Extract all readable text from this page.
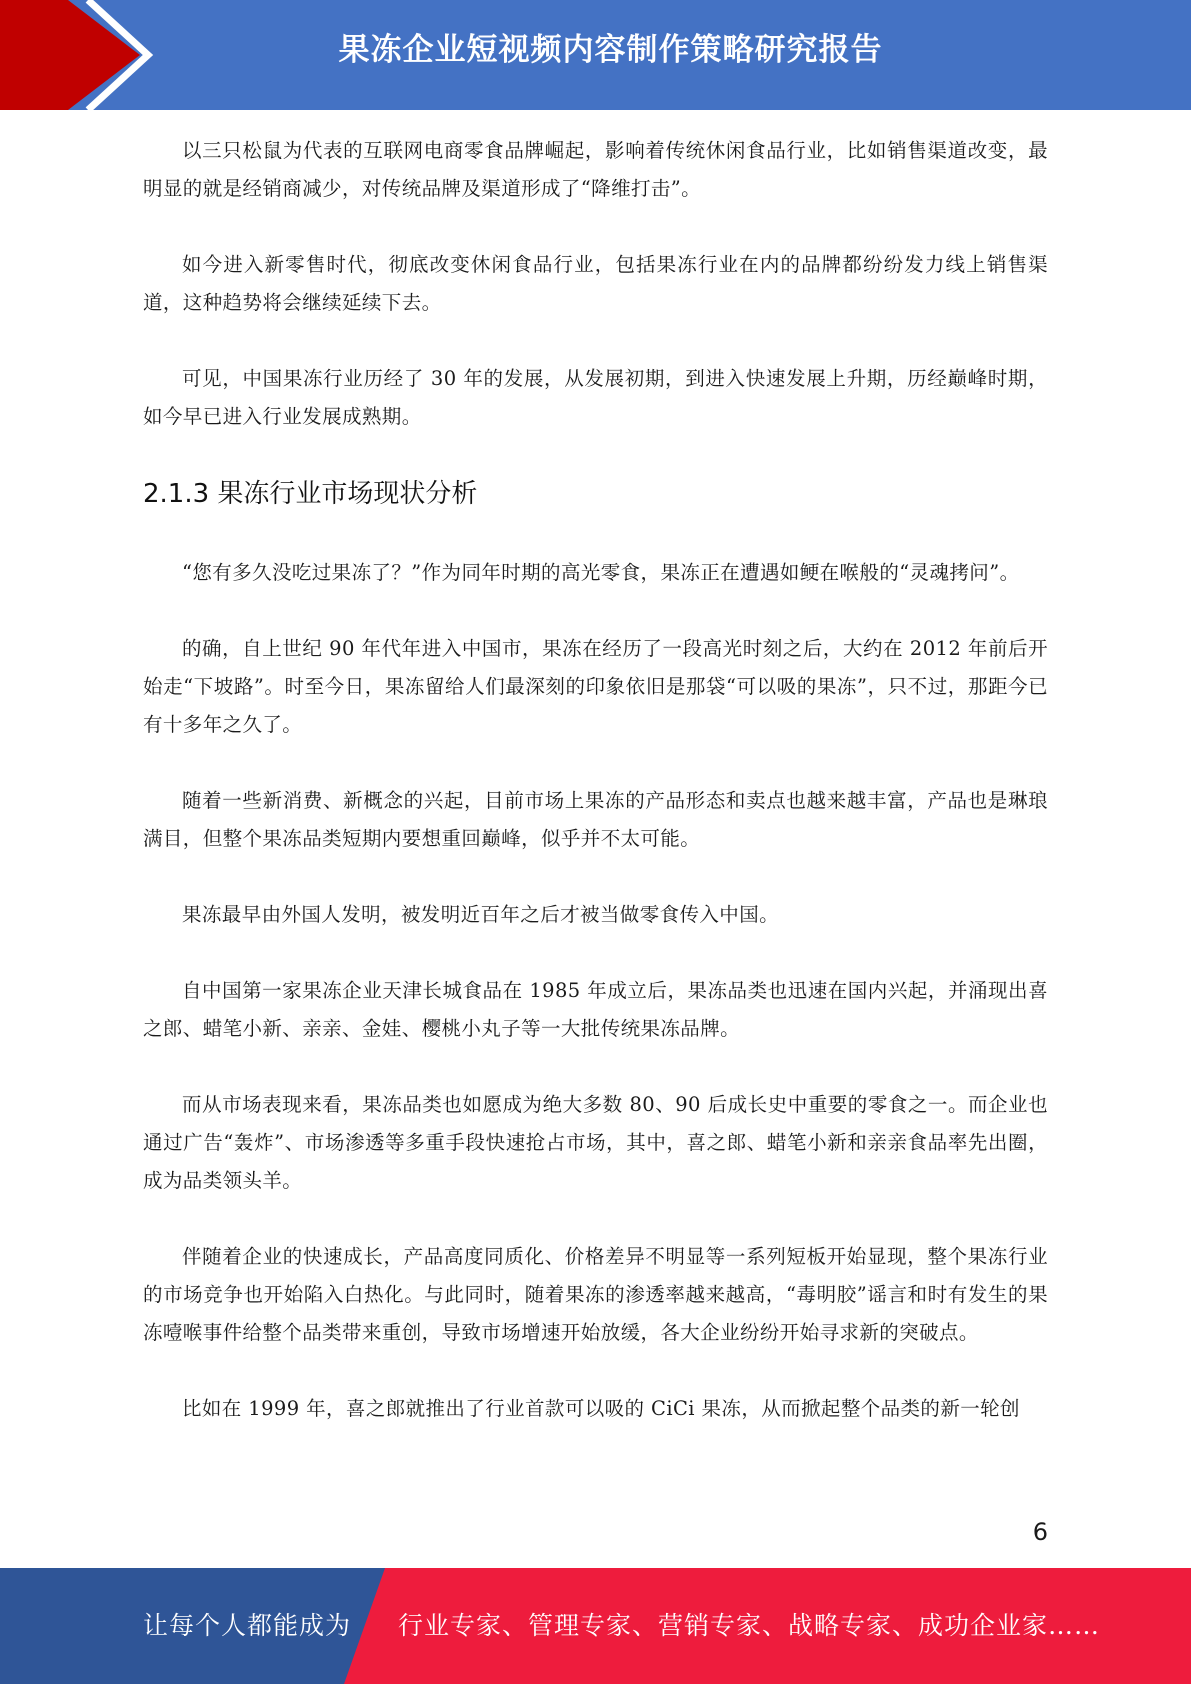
果冻企业短视频内容制作策略研究报告

以三只松鼠为代表的互联网电商零食品牌崛起，影响着传统休闲食品行业，比如销售渠道改变，最明显的就是经销商减少，对传统品牌及渠道形成了“降维打击”。

如今进入新零售时代，彻底改变休闲食品行业，包括果冻行业在内的品牌都纷纷发力线上销售渠道，这种趋势将会继续延续下去。

可见，中国果冻行业历经了 30 年的发展，从发展初期，到进入快速发展上升期，历经巅峰时期，如今早已进入行业发展成熟期。

2.1.3 果冻行业市场现状分析

“您有多久没吃过果冻了？”作为同年时期的高光零食，果冻正在遭遇如鲠在喉般的“灵魂拷问”。

的确，自上世纪 90 年代年进入中国市，果冻在经历了一段高光时刻之后，大约在 2012 年前后开始走“下坡路”。时至今日，果冻留给人们最深刻的印象依旧是那袋“可以吸的果冻”，只不过，那距今已有十多年之久了。

随着一些新消费、新概念的兴起，目前市场上果冻的产品形态和卖点也越来越丰富，产品也是琳琅满目，但整个果冻品类短期内要想重回巅峰，似乎并不太可能。

果冻最早由外国人发明，被发明近百年之后才被当做零食传入中国。

自中国第一家果冻企业天津长城食品在 1985 年成立后，果冻品类也迅速在国内兴起，并涌现出喜之郎、蜡笔小新、亲亲、金娃、樱桃小丸子等一大批传统果冻品牌。

而从市场表现来看，果冻品类也如愿成为绝大多数 80、90 后成长史中重要的零食之一。而企业也通过广告“轰炸”、市场渗透等多重手段快速抢占市场，其中，喜之郎、蜡笔小新和亲亲食品率先出圈，成为品类领头羊。

伴随着企业的快速成长，产品高度同质化、价格差异不明显等一系列短板开始显现，整个果冻行业的市场竞争也开始陷入白热化。与此同时，随着果冻的渗透率越来越高，“毒明胶”谣言和时有发生的果冻噎喉事件给整个品类带来重创，导致市场增速开始放缓，各大企业纷纷开始寻求新的突破点。

比如在 1999 年，喜之郎就推出了行业首款可以吸的 CiCi 果冻，从而掀起整个品类的新一轮创

6
让每个人都能成为 行业专家、管理专家、营销专家、战略专家、成功企业家……
